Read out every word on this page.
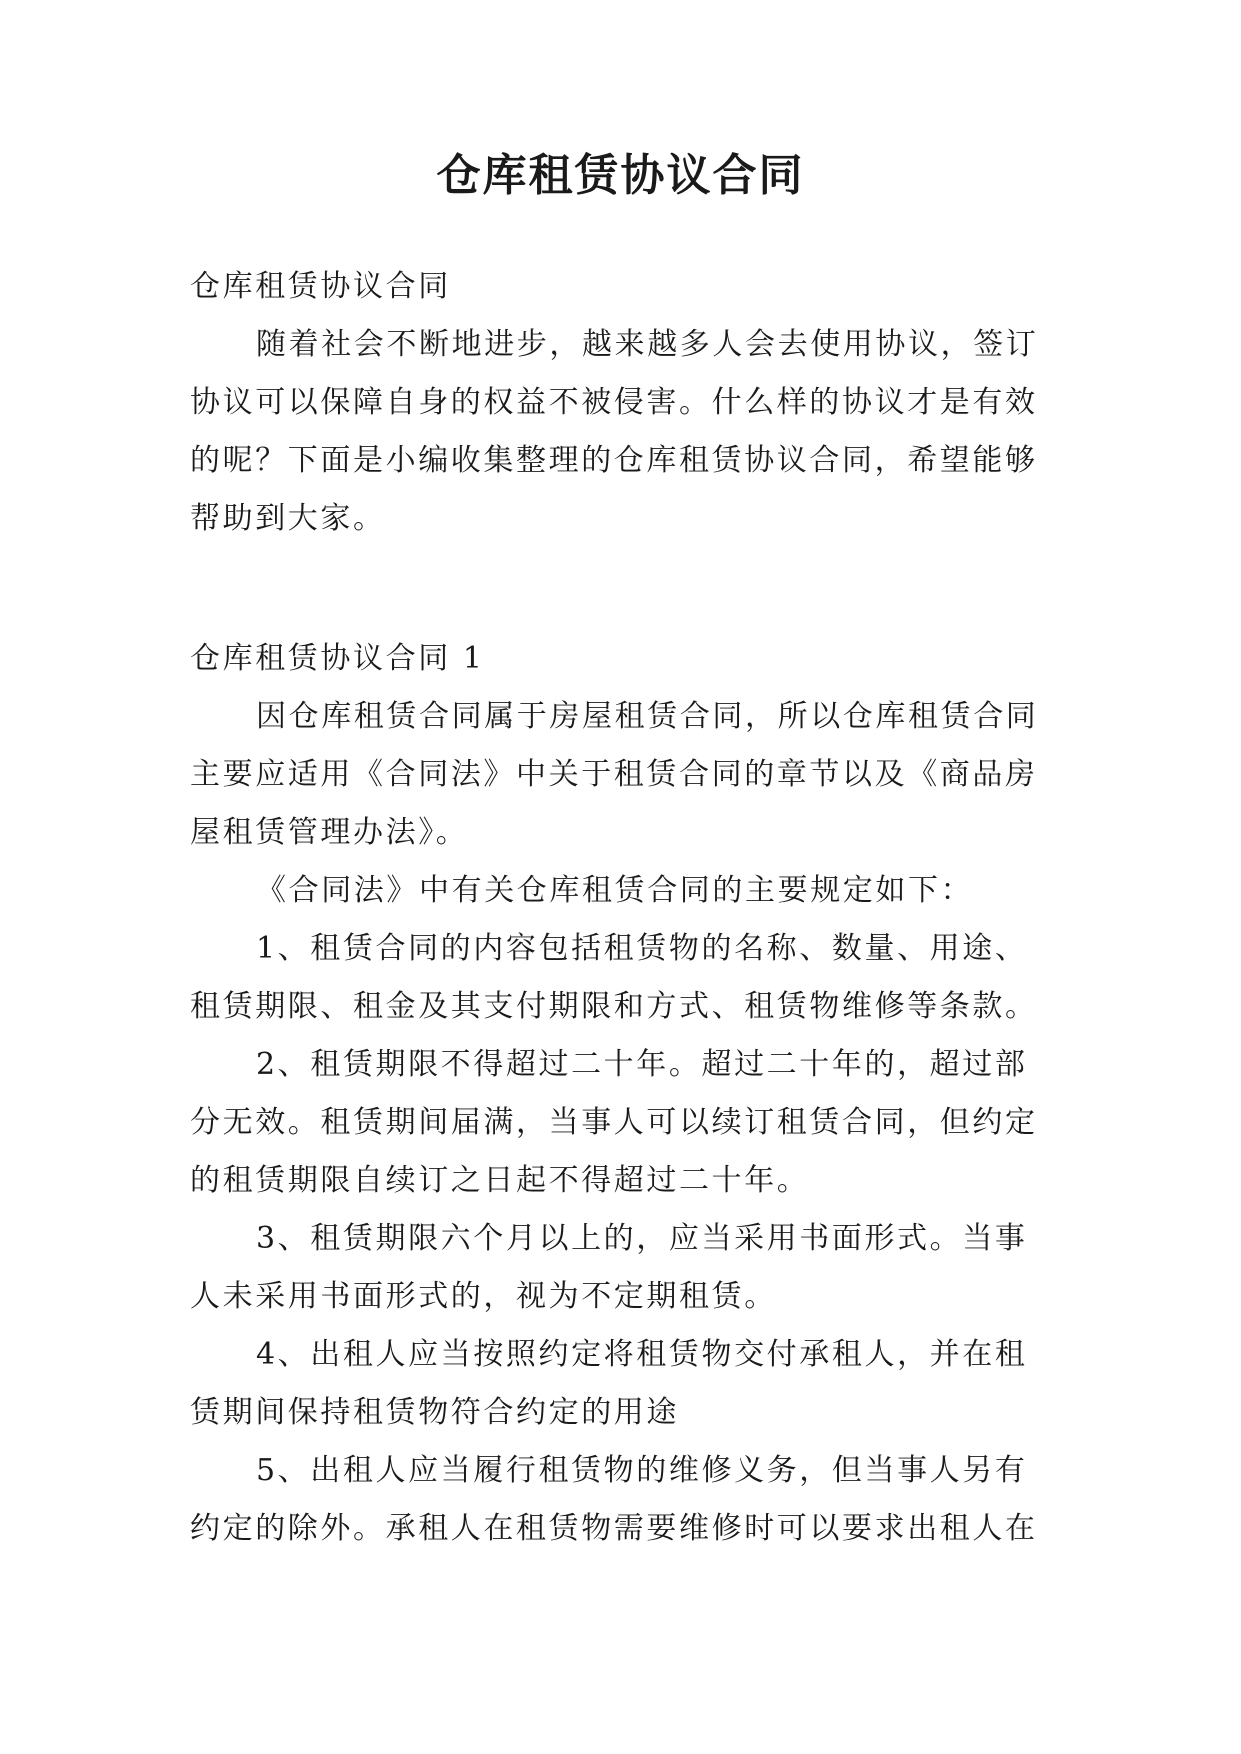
仓库租赁协议合同
仓库租赁协议合同
随着社会不断地进步，越来越多人会去使用协议，签订
协议可以保障自身的权益不被侵害。什么样的协议才是有效
的呢？下面是小编收集整理的仓库租赁协议合同，希望能够
帮助到大家。
仓库租赁协议合同 1
因仓库租赁合同属于房屋租赁合同，所以仓库租赁合同
主要应适用《合同法》中关于租赁合同的章节以及《商品房
屋租赁管理办法》。
《合同法》中有关仓库租赁合同的主要规定如下：
1、租赁合同的内容包括租赁物的名称、数量、用途、
租赁期限、租金及其支付期限和方式、租赁物维修等条款。
2、租赁期限不得超过二十年。超过二十年的，超过部
分无效。租赁期间届满，当事人可以续订租赁合同，但约定
的租赁期限自续订之日起不得超过二十年。
3、租赁期限六个月以上的，应当采用书面形式。当事
人未采用书面形式的，视为不定期租赁。
4、出租人应当按照约定将租赁物交付承租人，并在租
赁期间保持租赁物符合约定的用途
5、出租人应当履行租赁物的维修义务，但当事人另有
约定的除外。承租人在租赁物需要维修时可以要求出租人在
